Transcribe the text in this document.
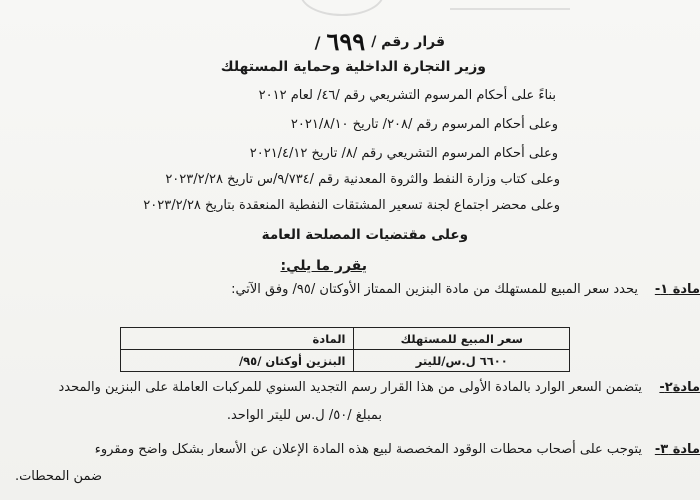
قرار رقم /
٦٩٩
/
وزير التجارة الداخلية وحماية المستهلك
بناءً على أحكام المرسوم التشريعي رقم /٤٦/ لعام ٢٠١٢
وعلى أحكام المرسوم رقم /٢٠٨/ تاريخ ٢٠٢١/٨/١٠
وعلى أحكام المرسوم التشريعي رقم /٨/ تاريخ ٢٠٢١/٤/١٢
وعلى كتاب وزارة النفط والثروة المعدنية رقم /٩/٧٣٤/س تاريخ ٢٠٢٣/٢/٢٨
وعلى محضر اجتماع لجنة تسعير المشتقات النفطية المنعقدة بتاريخ ٢٠٢٣/٢/٢٨
وعلى مقتضيات المصلحة العامة
يقرر ما يلي:
مادة ١-
يحدد سعر المبيع للمستهلك من مادة البنزين الممتاز الأوكتان /٩٥/ وفق الآتي:
سعر المبيع للمستهلك	المادة
٦٦٠٠ ل.س/لليتر	البنزين أوكتان /٩٥/
مادة٢-
يتضمن السعر الوارد بالمادة الأولى من هذا القرار رسم التجديد السنوي للمركبات العاملة على البنزين والمحدد
بمبلغ /٥٠/ ل.س لليتر الواحد.
مادة ٣-
يتوجب على أصحاب محطات الوقود المخصصة لبيع هذه المادة الإعلان عن الأسعار بشكل واضح ومقروء
ضمن المحطات.
